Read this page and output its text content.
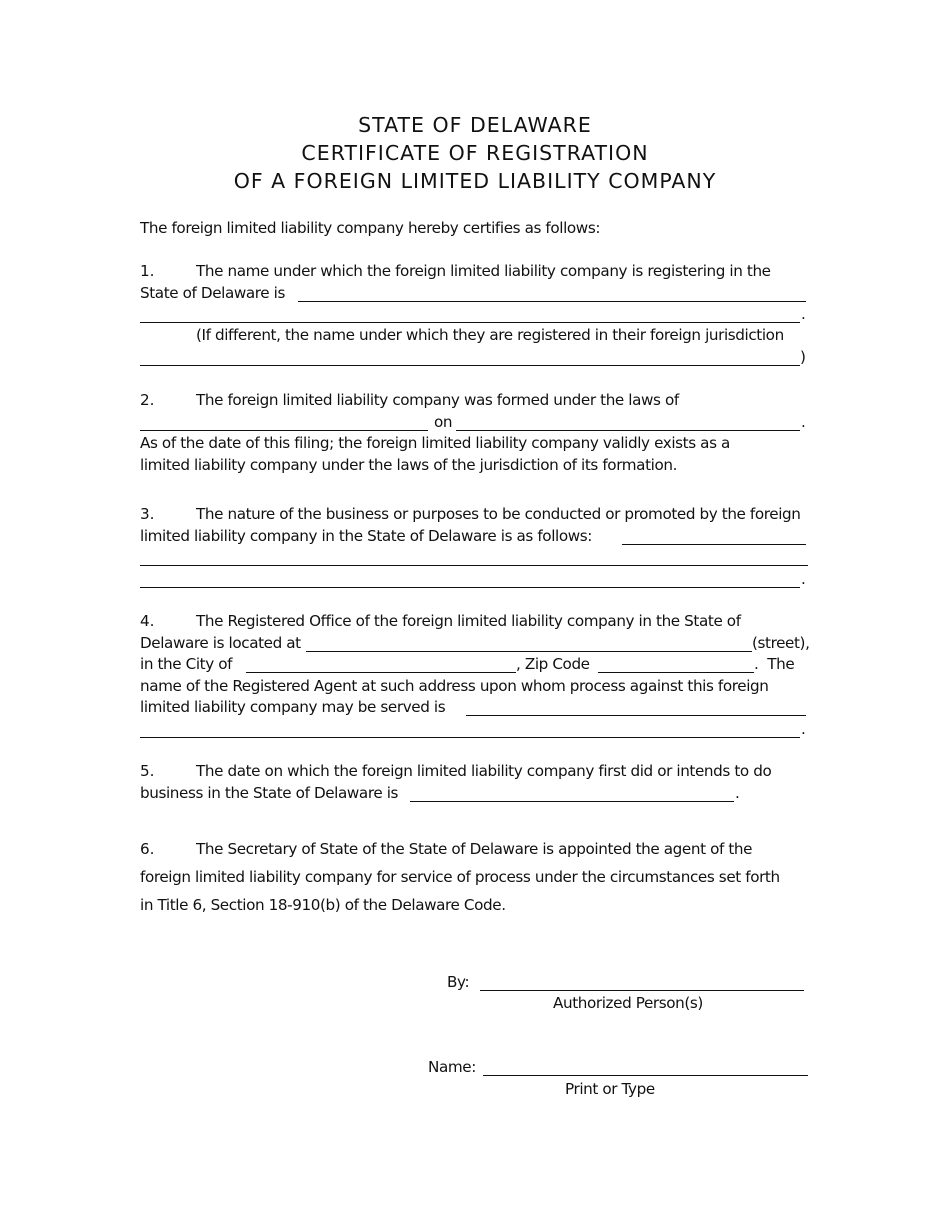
STATE OF DELAWARE
CERTIFICATE OF REGISTRATION
OF A FOREIGN LIMITED LIABILITY COMPANY
The foreign limited liability company hereby certifies as follows:
1.	The name under which the foreign limited liability company is registering in the
State of Delaware is
.
(If different, the name under which they are registered in their foreign jurisdiction
)
2.	The foreign limited liability company was formed under the laws of
on	.
As of the date of this filing; the foreign limited liability company validly exists as a
limited liability company under the laws of the jurisdiction of its formation.
3.	The nature of the business or purposes to be conducted or promoted by the foreign
limited liability company in the State of Delaware is as follows:
.
4.	The Registered Office of the foreign limited liability company in the State of
Delaware is located at	(street),
in the City of	, Zip Code	.  The
name of the Registered Agent at such address upon whom process against this foreign
limited liability company may be served is
.
5.	The date on which the foreign limited liability company first did or intends to do
business in the State of Delaware is	.
6.	The Secretary of State of the State of Delaware is appointed the agent of the
foreign limited liability company for service of process under the circumstances set forth
in Title 6, Section 18-910(b) of the Delaware Code.
By:
Authorized Person(s)
Name:
Print or Type
